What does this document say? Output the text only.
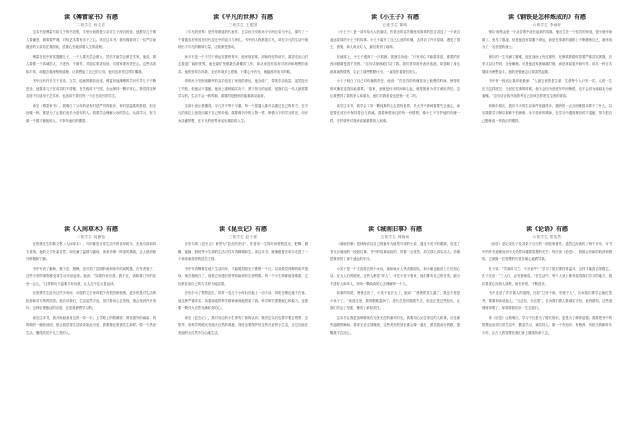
读《傅雷家书》有感
二班学生 孙文宏

这本书是傅雷写给儿子的书信集，字里行间都是父亲对儿子深沉的爱。他教导儿子做人要谦虚，做事要严谨，对待艺术要有赤子之心。读完这本书，我仿佛看到了一位严厉而慈爱的父亲站在我面前，语重心长地讲着人生的道理。

傅雷在信中常常提醒儿子，一个人要先学会做人，然后才能学会做艺术家。他说，做人要做一个真诚的人，不虚伪，不做作，对朋友要讲信用，对国家要有责任心。这些话看似平常，却蕴含着深刻的道理，让我想起了自己的父母，他们也常常这样叮嘱我。

书中还有许多关于音乐、文学、绘画的精彩论述，傅雷用他渊博的学识引导儿子不断进步。他要求儿子在成功时不骄傲，在失败时不气馁，永远保持一颗平常心。我觉得这种态度不仅适用于艺术家，也适用于我们每一个正在成长的学生。

读完《傅雷家书》，我明白了父母的爱有时是严厉的批评，有时是温柔的鼓励，但无论哪一种，都是为了让我们成长为更好的人。我要学会理解父母的苦心，认真学习，努力做一个德才兼备的人，不辜负他们的期望。

读《平凡的世界》有感
三班学生 王建国

《平凡的世界》是作家路遥的代表作，它以孙少安和孙少平两兄弟为中心，描写了一个普通农村家庭在时代变迁中的奋斗与挣扎。书中的人物都很平凡，却在平凡的生活中展现出不平凡的精神力量，让我深受感动。

孙少平是一个不甘于命运安排的青年，他家境贫寒，却始终坚持读书，渴望走出山村去看更广阔的世界。他在煤矿里做最苦最累的工作，却从来没有放弃对知识和理想的追求。他的坚持告诉我，无论环境多么艰难，只要心中有光，就能照亮前方的路。

哥哥孙少安则用勤劳的双手改变了家庭的命运，他办砖厂、带领乡亲致富，虽然经历了失败，但他从不退缩。他身上那种踏实肯干、勇于担当的品质，是我们这一代人最需要学习的。生活不会一帆风顺，重要的是跌倒后能重新站起来。

这部小说让我懂得，平凡并不等于平庸。每一个普通人都可以通过自己的努力，在平凡的岗位上创造出属于自己的价值。我要像书中的人物一样，珍惜当下的学习时光，用汗水浇灌梦想，在平凡的世界里活出精彩的人生。

读《小王子》有感
五班学生 陈明

《小王子》是一部写给大人的童话，作者圣埃克苏佩里用简单的语言讲述了一个来自遥远星球的小王子的故事。小王子离开了自己心爱的玫瑰，去拜访了许多星球，遇见了国王、酒鬼、商人和点灯人，最后来到了地球。

在地球上，小王子遇到了一只狐狸。狐狸告诉他：“只有用心才能看得清，重要的东西用眼睛是看不见的。”这句话深深地打动了我。我们常常被外表所迷惑，却忽略了身边最真诚的情感，忘记了那些默默付出、一直陪伴着我们的人。

小王子明白了自己对玫瑰的责任，他说：“你在你的玫瑰花身上耗费的时间，使得你的玫瑰花变得如此重要。”原来，爱就是付出时间和心血，就是愿意为对方承担责任。这让我想到了我的家人和朋友，他们对我来说也是独一无二的。

读完这本书，我学会了用一颗纯真的心去看待世界。长大并不意味着要失去童心，而是要在成长中保持善良与真诚。我要珍惜身边的每一份情感，像小王子守护他的玫瑰一样，守护那些对我来说最重要的人和事。

读《钢铁是怎样炼成的》有感
六班学生 李雨轩

保尔·柯察金是一个从苦难中成长起来的英雄。他出生在一个贫苦的家庭，很小就开始做工，受尽了欺凌。但是他没有屈服于命运，而是在革命的道路上不断磨炼自己，最终成为了一名坚强的战士。

保尔的一生充满了磨难，他在战场上负过重伤，在修筑铁路时冒着严寒忍饥挨饿，后来又双目失明、全身瘫痪。可是他没有被病痛打倒，而是拿起笔开始写作，用另一种方式继续为理想奋斗。他的坚强意志让我肃然起敬。

书中有一段话让我印象最深：“人最宝贵的是生命，生命每个人只有一次。人的一生应当这样度过：当回忆往事的时候，他不会因为虚度年华而悔恨，也不会因为碌碌无为而羞愧。”这句话让我开始思考自己应该怎样度过宝贵的青春。

和保尔相比，我们今天的生活条件优越得多，遇到的一点点困难根本算不了什么。以后我要学习保尔那种不怕困难、永不放弃的精神，在学习中遇到挫折时不退缩，努力把自己锻炼成一块真正的钢铁。

读《人间草木》有感
二班学生 周静怡

汪曾祺先生的散文集《人间草木》，写的都是日常生活中的花草树木、虫鱼鸟兽和四方食事。他的文字朴素自然，却充满了温情与趣味，读来仿佛一阵清风拂面，让人感到格外舒服和宁静。

书中写到了葡萄、栀子花、腊梅，也写到了昆明的雨和家乡的咸鸭蛋。在作者笔下，这些平常的事物都变得生动可爱起来。他说：“如果你来访我，我不在，请和我门外的花坐一会儿。”这样的句子温柔又有诗意，让人忍不住反复品读。

汪曾祺先生经历过许多坎坷，可他的文字里却很少有抱怨和愤懑，更多的是对生活的热爱和对万物的欣赏。他告诉我们，生活虽然平淡，但只要用心去发现，就会找到许多美好。这种乐观豁达的态度，正是我最想学习的。

读完这本书，我开始留意身边的一草一木。上学路上的梧桐树、教室窗外的麻雀、妈妈做的一碗热汤面，都让我觉得生活原来如此可爱。我要像汪曾祺先生那样，做一个热爱生活、懂得欣赏平凡之美的人。

读《昆虫记》有感
三班学生 赵子豪

法布尔的《昆虫记》被誉为“昆虫的史诗”。作者用一生的时间观察昆虫，把蝉、螳螂、蜜蜂、蚂蚁等小生命的生活习性写得栩栩如生。读这本书，就像跟着法布尔走进了一个神奇而奇妙的昆虫王国。

书中写到蝉要在地下生活四年，才能爬到阳光下歌唱一个月。以前我觉得蝉的叫声很吵，现在我明白了，那是它用漫长的等待换来的生命赞歌。每一个小生命都值得尊重，它们都在用自己的方式努力地活着。

法布尔为了观察昆虫，常常一连几个小时趴在地上一动不动，风吹日晒也毫不在意。他这种严谨求实、执着探索的科学精神深深地感染了我。科学研究需要耐心和毅力，也需要一颗对大自然充满好奇的心。

读完《昆虫记》，我对身边的小生命有了新的认识。我决定以后也要学着去观察、去思考，用科学的眼光发现大自然的奥秘，同时也要保护好这些可爱的小生灵，让它们能在美丽的大自然中自由地生活。

读《城南旧事》有感
五班学生 林晓雨

《城南旧事》是林海音以自己的童年为原型写成的小说，通过小英子的眼睛，讲述了老北京城南的一段段往事。书中的故事淡淡的，带着一点忧伤，却又那么真实动人，仿佛把我带回了那个遥远的年代。

小英子是一个天真善良的小女孩，她和疯女人秀贞做朋友，和小偷也能说上几句知心话。在大人们的眼里，这些人都是“坏人”，可在小英子看来，他们都有自己的苦衷。她分不清好人和坏人，却用一颗纯真的心去理解每一个人。

故事的结尾，爸爸去世了，小英子也长大了。她说：“爸爸的花儿落了，我也不再是小孩子了。”读到这里，我的眼眶湿润了。成长总是伴随着失去，但也正是这些经历，让我们学会了坚强，懂得了承担责任。

这本书让我更加珍惜现在无忧无虑的童年时光。我要用心记住身边的人和事，记住那些温暖的瞬间。将来无论走到哪里，这些美好的回忆都会像一盏灯，照亮我前行的路，提醒我不忘初心。

读《论语》有感
六班学生 郑浩然

《论语》是记录孔子及其弟子言行的一部经典著作，虽然已经流传了两千多年，可书中的许多道理直到今天仍然闪耀着智慧的光芒。每次读《论语》，我都会有新的收获和感悟，它就像一位智慧的长者在耐心地教导我。

孔子说：“学而时习之，不亦说乎？”学习了知识要经常温习，这样才能真正掌握它。孔子还说：“三人行，必有我师焉。”在生活中，每个人身上都有值得我们学习的地方，我们要虚心向别人请教，取长补短，不断进步。

书中还讲了许多做人的道理。比如“己所不欲，勿施于人”，告诉我们要学会换位思考，尊重和体谅他人；“言必信，行必果”，告诉我们做人要诚实守信，说到做到。这些道理简单明了，却需要我们用一生去践行。

读《论语》让我明白，学习不仅是为了增长知识，更是为了修养品德。我要把书中的智慧运用到日常生活中，勤奋学习，诚实待人，做一个有知识、有修养、有担当的新时代少年，让古人的智慧在我们身上继续传承下去。
